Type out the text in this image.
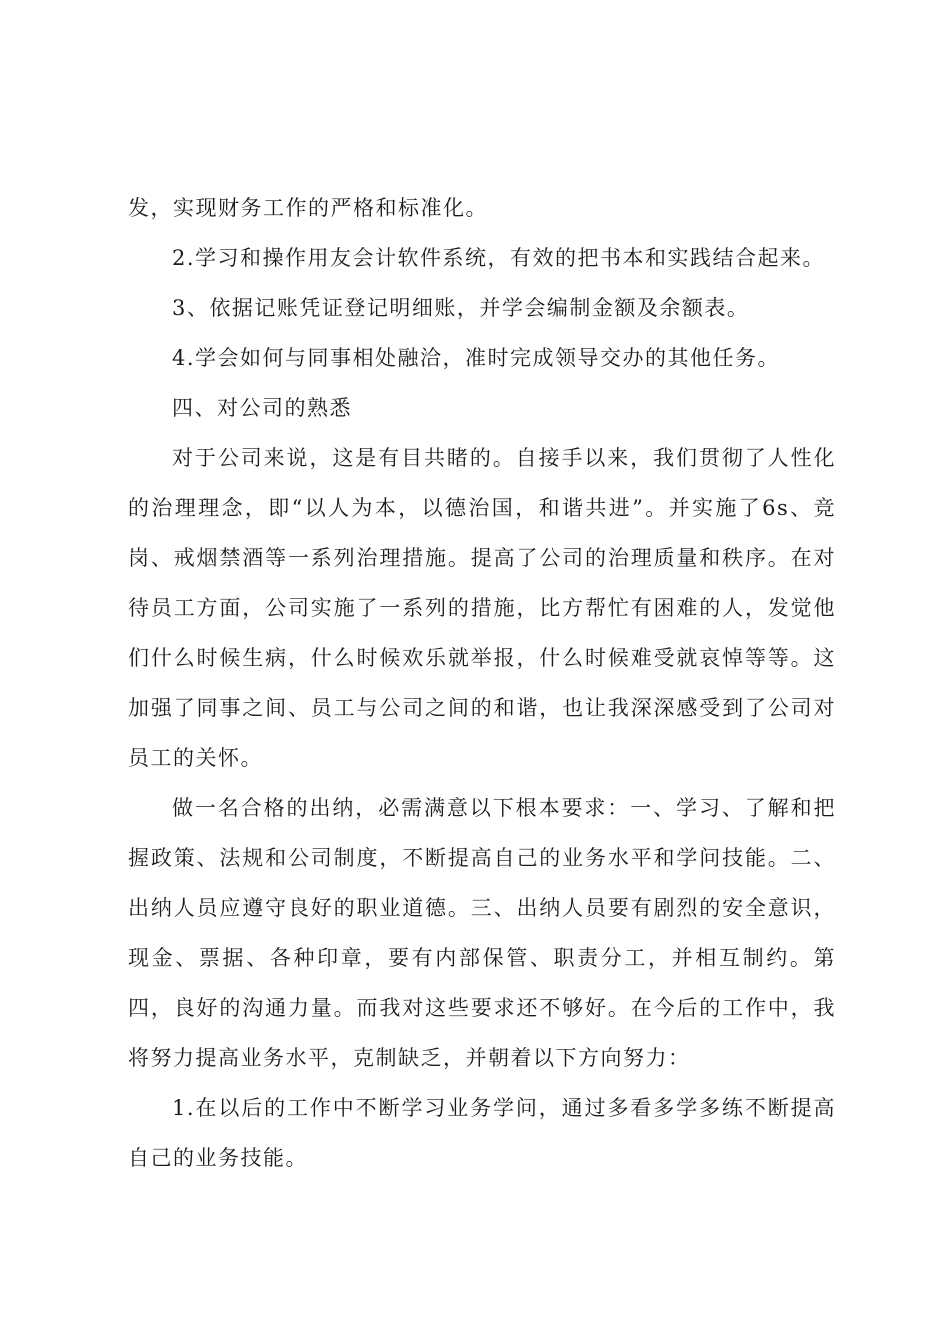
发，实现财务工作的严格和标准化。

2.学习和操作用友会计软件系统，有效的把书本和实践结合起来。

3、依据记账凭证登记明细账，并学会编制金额及余额表。

4.学会如何与同事相处融洽，准时完成领导交办的其他任务。

四、对公司的熟悉

对于公司来说，这是有目共睹的。自接手以来，我们贯彻了人性化的治理理念，即“以人为本，以德治国，和谐共进”。并实施了6s、竞岗、戒烟禁酒等一系列治理措施。提高了公司的治理质量和秩序。在对待员工方面，公司实施了一系列的措施，比方帮忙有困难的人，发觉他们什么时候生病，什么时候欢乐就举报，什么时候难受就哀悼等等。这加强了同事之间、员工与公司之间的和谐，也让我深深感受到了公司对员工的关怀。

做一名合格的出纳，必需满意以下根本要求：一、学习、了解和把握政策、法规和公司制度，不断提高自己的业务水平和学问技能。二、出纳人员应遵守良好的职业道德。三、出纳人员要有剧烈的安全意识，现金、票据、各种印章，要有内部保管、职责分工，并相互制约。第四，良好的沟通力量。而我对这些要求还不够好。在今后的工作中，我将努力提高业务水平，克制缺乏，并朝着以下方向努力：

1.在以后的工作中不断学习业务学问，通过多看多学多练不断提高自己的业务技能。
